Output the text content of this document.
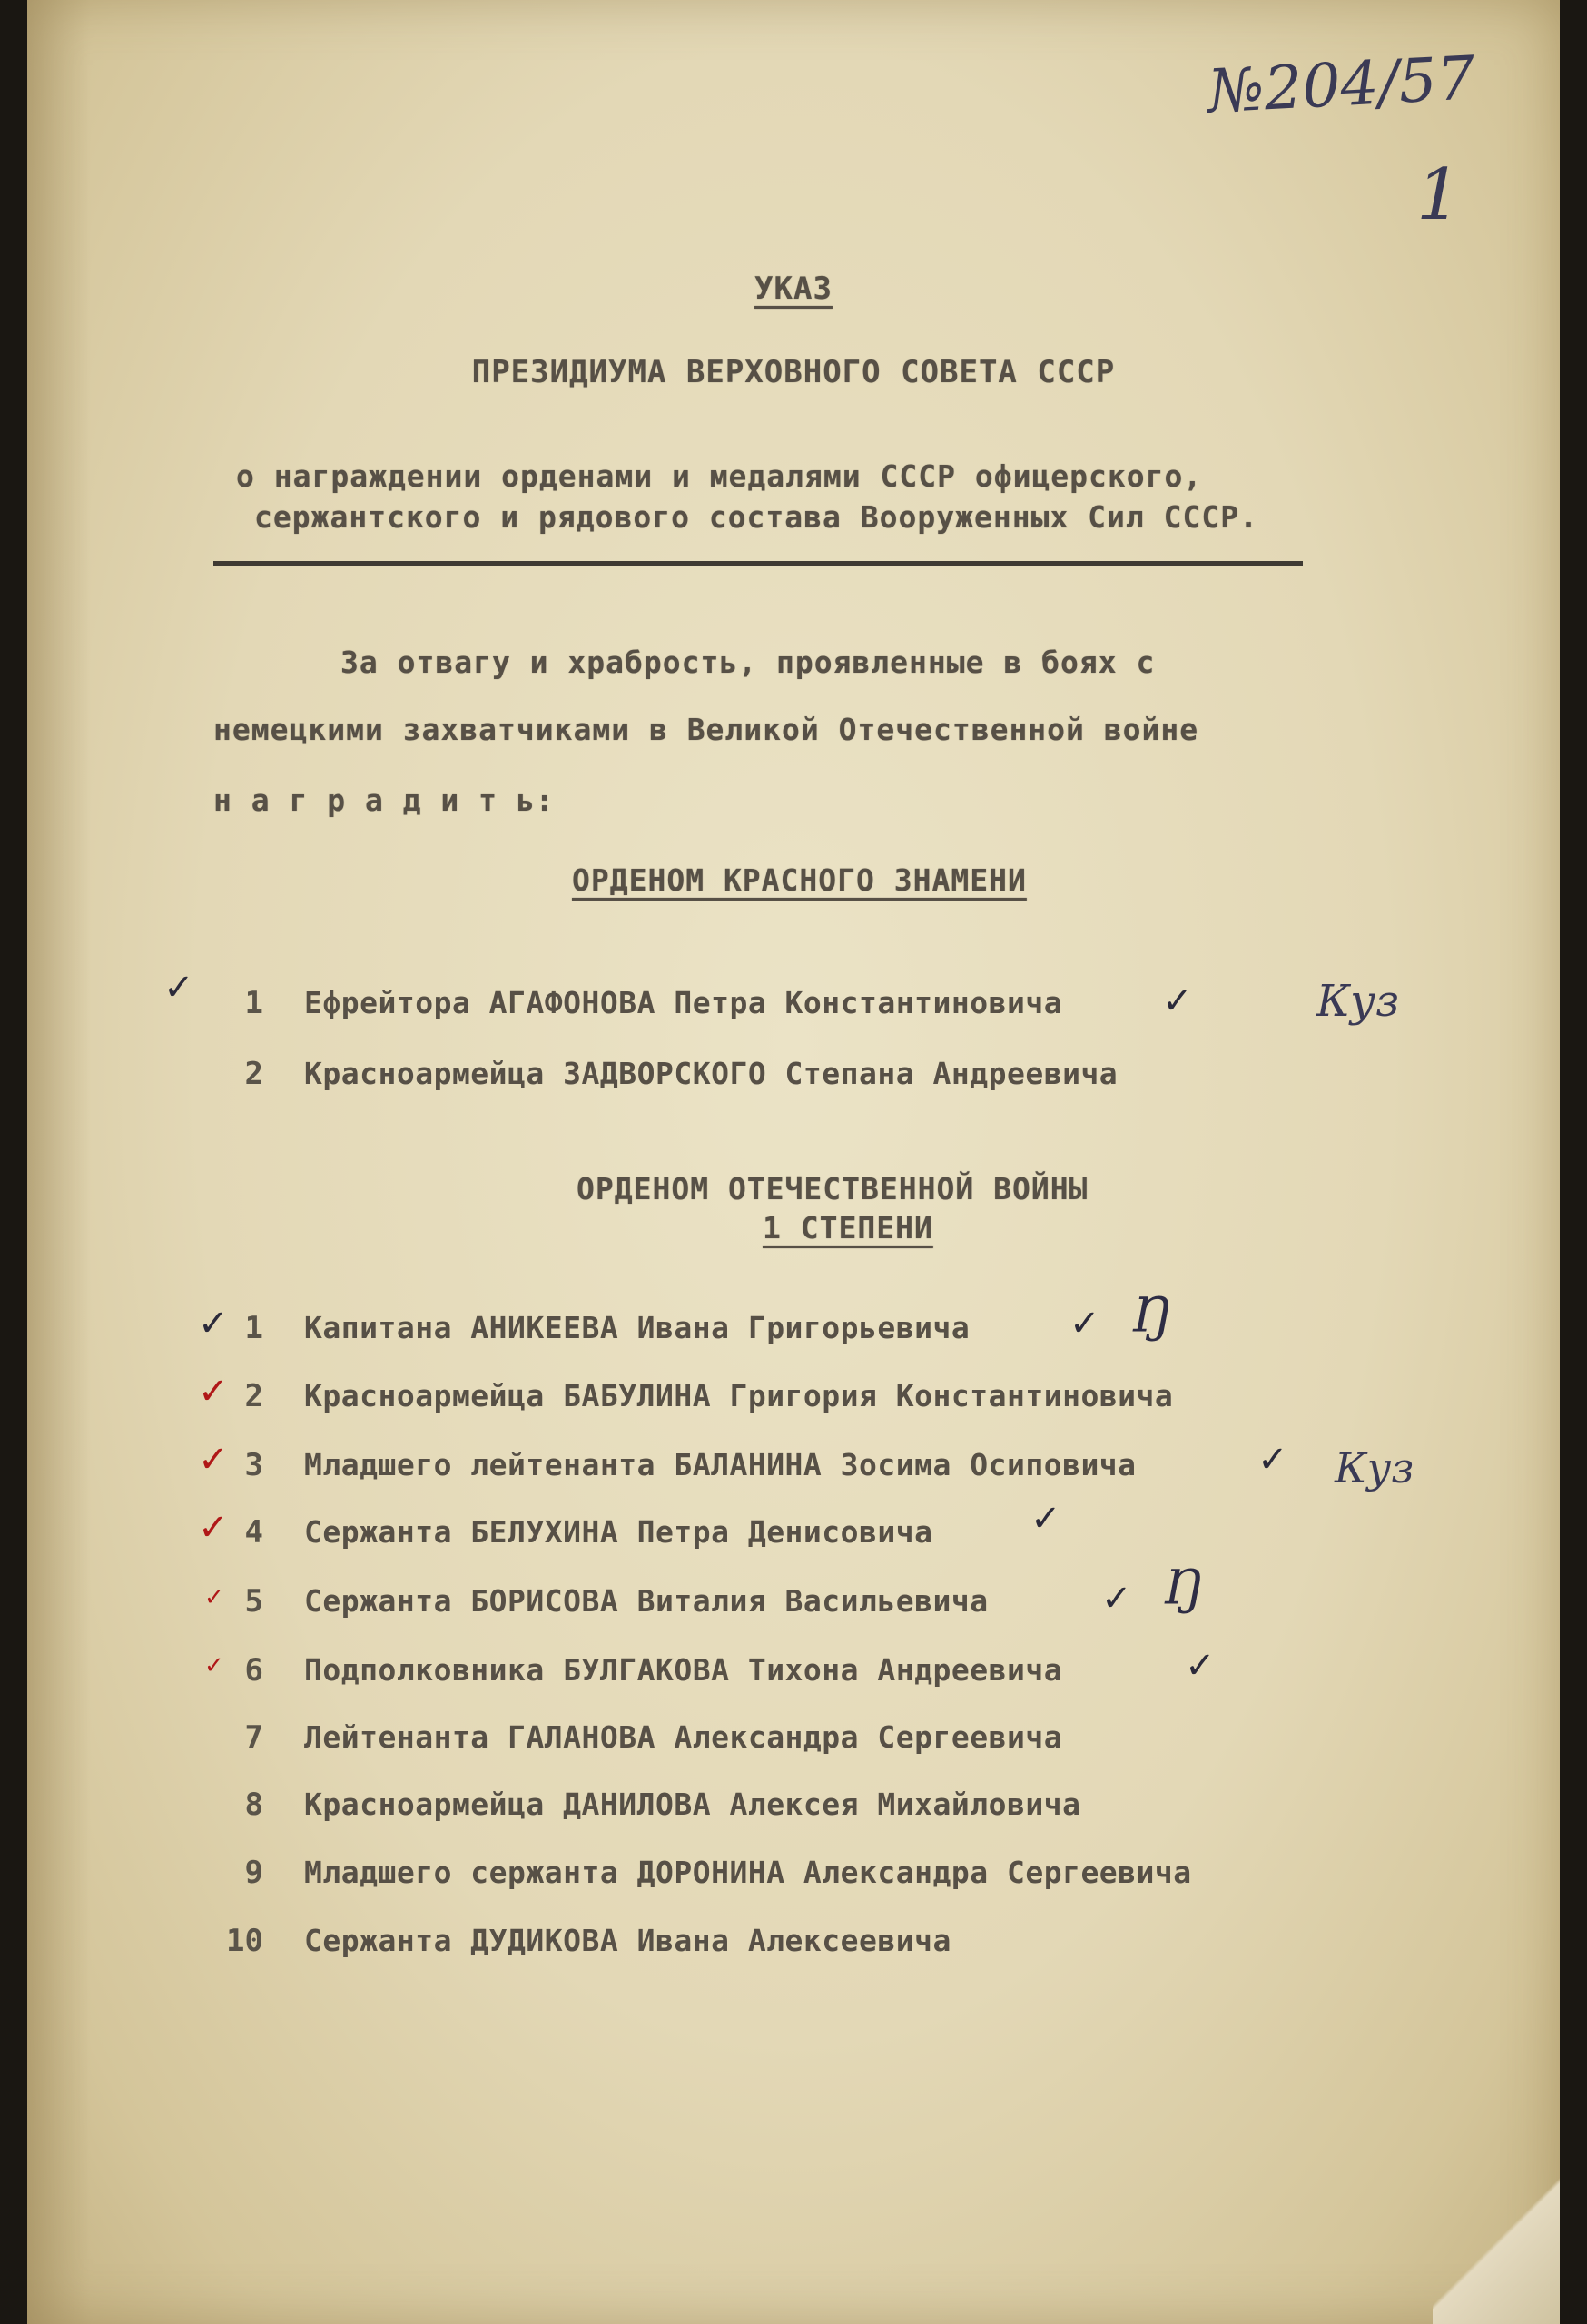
№204/57
1
УКАЗ
ПРЕЗИДИУМА ВЕРХОВНОГО СОВЕТА СССР
о награждении орденами и медалями СССР офицерского,
сержантского и рядового состава Вооруженных Сил СССР.
За отвагу и храбрость, проявленные в боях с
немецкими захватчиками в Великой Отечественной войне
н а г р а д и т ь:
ОРДЕНОМ КРАСНОГО ЗНАМЕНИ
✓	1 Ефрейтора АГАФОНОВА Петра Константиновича	✓	Куз
2 Красноармейца ЗАДВОРСКОГО Степана Андреевича
ОРДЕНОМ ОТЕЧЕСТВЕННОЙ ВОЙНЫ
1 СТЕПЕНИ
✓ 1 Капитана АНИКЕЕВА Ивана Григорьевича	✓ Ŋ
✓ 2 Красноармейца БАБУЛИНА Григория Константиновича
✓ 3 Младшего лейтенанта БАЛАНИНА Зосима Осиповича	✓ Куз
✓ 4 Сержанта БЕЛУХИНА Петра Денисовича	✓
✓ 5 Сержанта БОРИСОВА Виталия Васильевича	✓ Ŋ
✓ 6 Подполковника БУЛГАКОВА Тихона Андреевича	✓
7 Лейтенанта ГАЛАНОВА Александра Сергеевича
8 Красноармейца ДАНИЛОВА Алексея Михайловича
9 Младшего сержанта ДОРОНИНА Александра Сергеевича
10 Сержанта ДУДИКОВА Ивана Алексеевича
